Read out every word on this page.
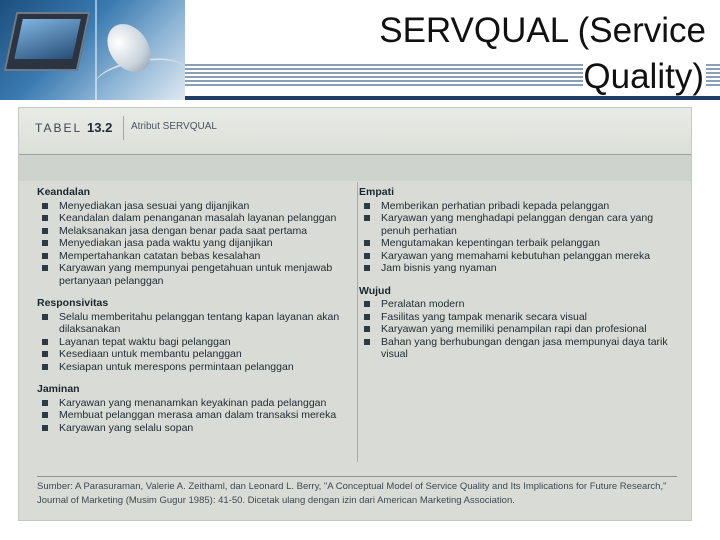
SERVQUAL (Service Quality)
TABEL 13.2 Atribut SERVQUAL
Keandalan
Menyediakan jasa sesuai yang dijanjikan
Keandalan dalam penanganan masalah layanan pelanggan
Melaksanakan jasa dengan benar pada saat pertama
Menyediakan jasa pada waktu yang dijanjikan
Mempertahankan catatan bebas kesalahan
Karyawan yang mempunyai pengetahuan untuk menjawab pertanyaan pelanggan
Responsivitas
Selalu memberitahu pelanggan tentang kapan layanan akan dilaksanakan
Layanan tepat waktu bagi pelanggan
Kesediaan untuk membantu pelanggan
Kesiapan untuk merespons permintaan pelanggan
Jaminan
Karyawan yang menanamkan keyakinan pada pelanggan
Membuat pelanggan merasa aman dalam transaksi mereka
Karyawan yang selalu sopan
Empati
Memberikan perhatian pribadi kepada pelanggan
Karyawan yang menghadapi pelanggan dengan cara yang penuh perhatian
Mengutamakan kepentingan terbaik pelanggan
Karyawan yang memahami kebutuhan pelanggan mereka
Jam bisnis yang nyaman
Wujud
Peralatan modern
Fasilitas yang tampak menarik secara visual
Karyawan yang memiliki penampilan rapi dan profesional
Bahan yang berhubungan dengan jasa mempunyai daya tarik visual
Sumber: A Parasuraman, Valerie A. Zeithaml, dan Leonard L. Berry, "A Conceptual Model of Service Quality and Its Implications for Future Research," Journal of Marketing (Musim Gugur 1985): 41-50. Dicetak ulang dengan izin dari American Marketing Association.
